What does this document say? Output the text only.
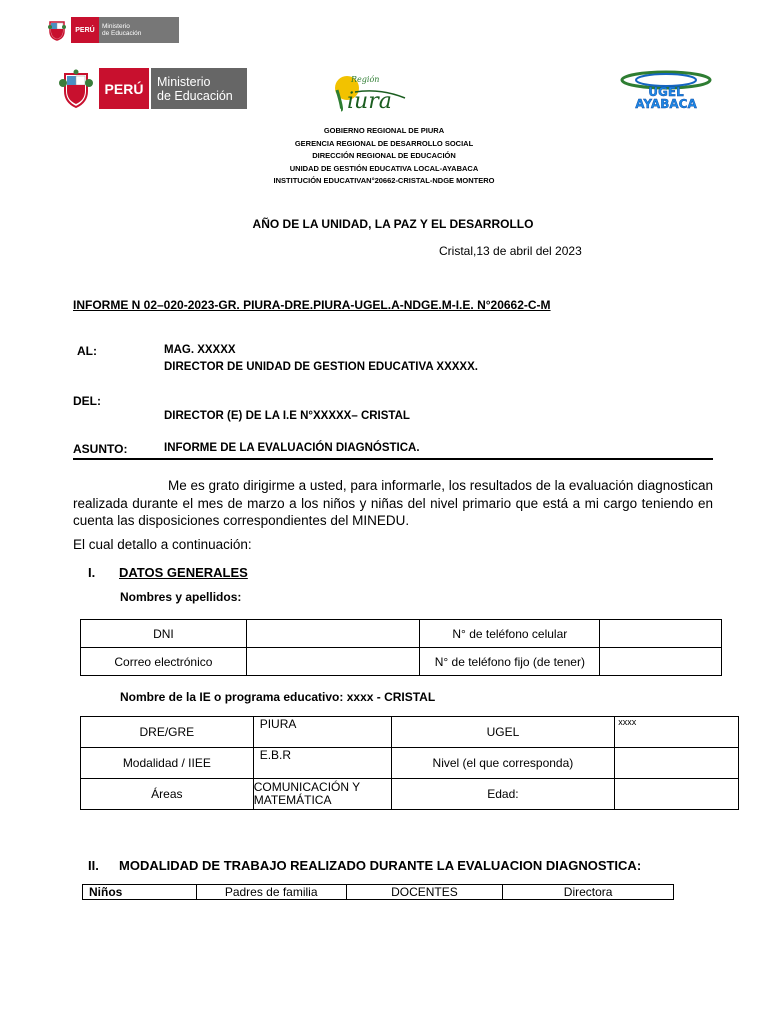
PERÚ	Ministerio
de Educación
PERÚ	Ministerio
de Educación
Región
iura	UGEL
AYABACA
GOBIERNO REGIONAL DE PIURA
GERENCIA REGIONAL DE DESARROLLO SOCIAL
DIRECCIÓN REGIONAL DE EDUCACIÓN
UNIDAD DE GESTIÓN EDUCATIVA LOCAL-AYABACA
INSTITUCIÓN EDUCATIVAN°20662-CRISTAL-NDGE MONTERO
AÑO DE LA UNIDAD, LA PAZ Y EL DESARROLLO
Cristal,13 de abril del 2023
INFORME N 02–020-2023-GR. PIURA-DRE.PIURA-UGEL.A-NDGE.M-I.E. N°20662-C-M
AL:	MAG. XXXXX
DIRECTOR DE UNIDAD DE GESTION EDUCATIVA XXXXX.
DEL:
DIRECTOR (E) DE LA I.E N°XXXXX– CRISTAL
ASUNTO:	INFORME DE LA EVALUACIÓN DIAGNÓSTICA.
Me es grato dirigirme a usted, para informarle, los resultados de la evaluación diagnostican realizada durante el mes de marzo a los niños y niñas del nivel primario que está a mi cargo teniendo en cuenta las disposiciones correspondientes del MINEDU.
El cual detallo a continuación:
I. DATOS GENERALES
Nombres y apellidos:
DNI		N° de teléfono celular	
Correo electrónico		N° de teléfono fijo (de tener)	
Nombre de la IE o programa educativo: xxxx - CRISTAL
DRE/GRE	PIURA	UGEL	xxxx
Modalidad / IIEE	E.B.R	Nivel (el que corresponda)	
Áreas	COMUNICACIÓN Y MATEMÁTICA	Edad:	
II. MODALIDAD DE TRABAJO REALIZADO DURANTE LA EVALUACION DIAGNOSTICA:
Niños	Padres de familia	DOCENTES	Directora
